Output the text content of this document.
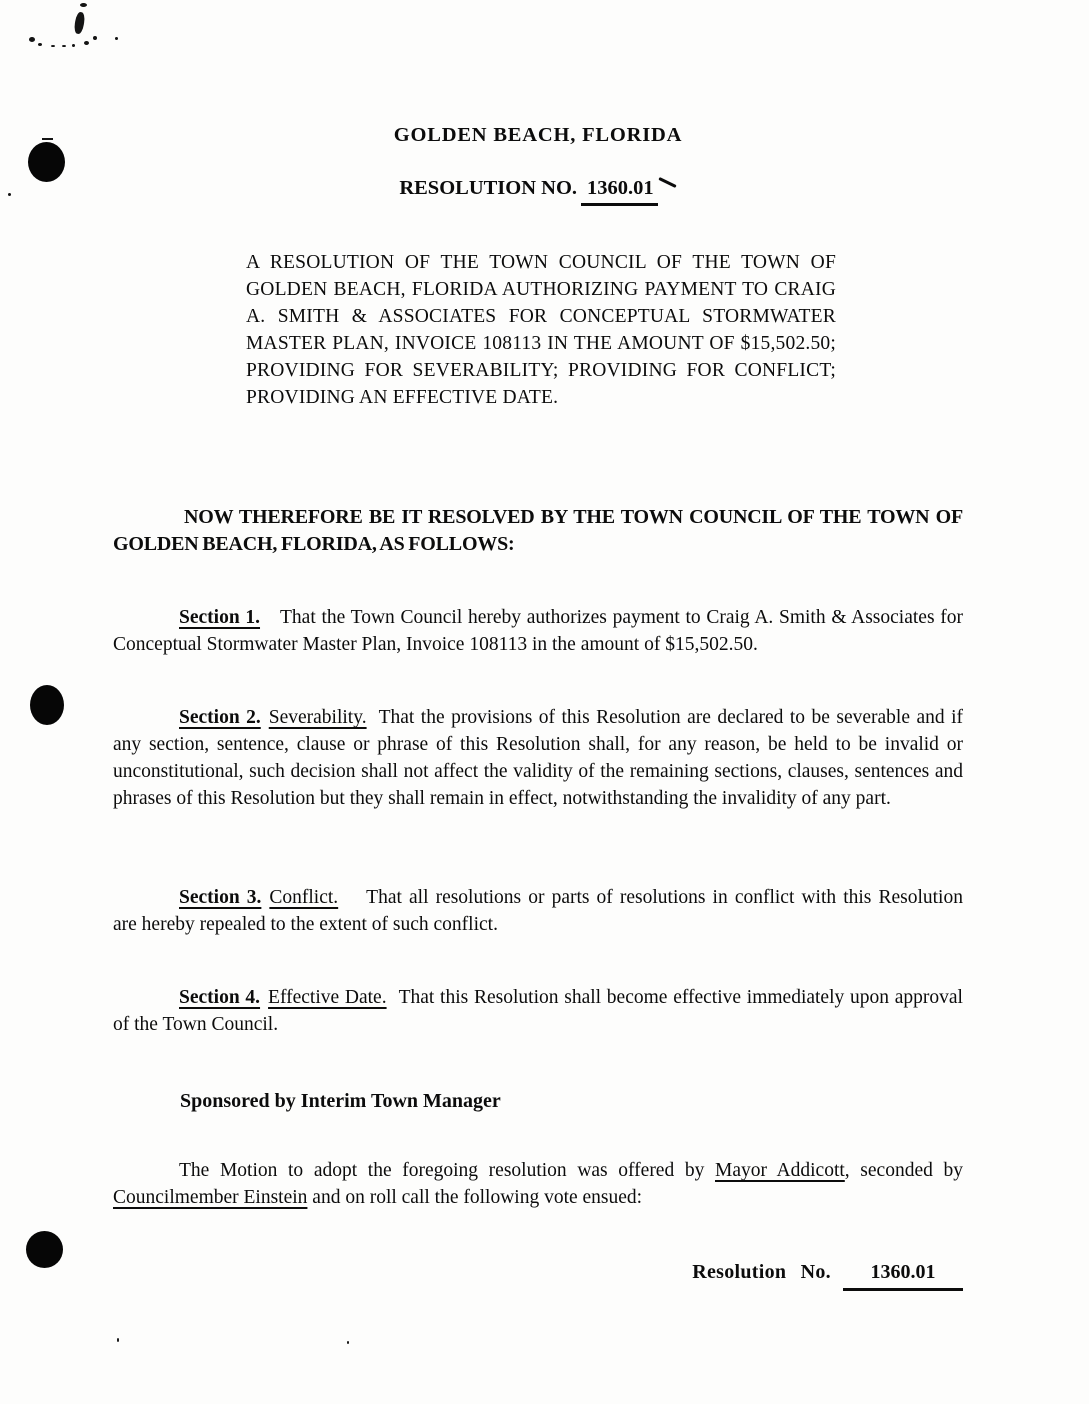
GOLDEN BEACH, FLORIDA
RESOLUTION NO. 1360.01

A RESOLUTION OF THE TOWN COUNCIL OF THE TOWN OF GOLDEN BEACH, FLORIDA AUTHORIZING PAYMENT TO CRAIG A. SMITH & ASSOCIATES FOR CONCEPTUAL STORMWATER MASTER PLAN, INVOICE 108113 IN THE AMOUNT OF $15,502.50; PROVIDING FOR SEVERABILITY; PROVIDING FOR CONFLICT; PROVIDING AN EFFECTIVE DATE.

NOW THEREFORE BE IT RESOLVED BY THE TOWN COUNCIL OF THE TOWN OF GOLDEN BEACH, FLORIDA, AS FOLLOWS:

Section 1. That the Town Council hereby authorizes payment to Craig A. Smith & Associates for Conceptual Stormwater Master Plan, Invoice 108113 in the amount of $15,502.50.

Section 2. Severability. That the provisions of this Resolution are declared to be severable and if any section, sentence, clause or phrase of this Resolution shall, for any reason, be held to be invalid or unconstitutional, such decision shall not affect the validity of the remaining sections, clauses, sentences and phrases of this Resolution but they shall remain in effect, notwithstanding the invalidity of any part.

Section 3. Conflict. That all resolutions or parts of resolutions in conflict with this Resolution are hereby repealed to the extent of such conflict.

Section 4. Effective Date. That this Resolution shall become effective immediately upon approval of the Town Council.

Sponsored by Interim Town Manager

The Motion to adopt the foregoing resolution was offered by Mayor Addicott, seconded by Councilmember Einstein and on roll call the following vote ensued:

Resolution No. 1360.01
